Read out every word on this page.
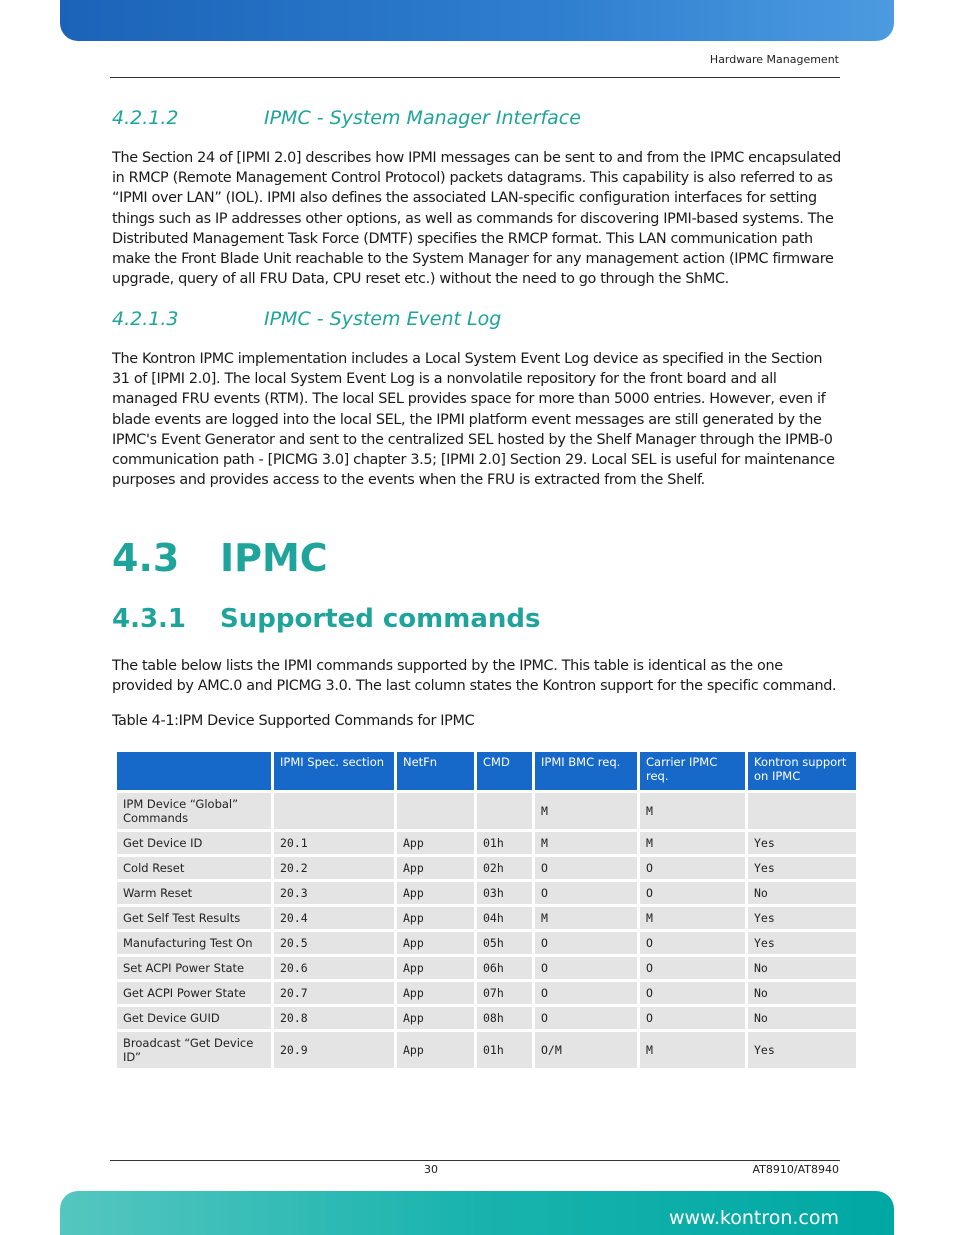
Hardware Management
4.2.1.2	IPMC - System Manager Interface
The Section 24 of [IPMI 2.0] describes how IPMI messages can be sent to and from the IPMC encapsulated in RMCP (Remote Management Control Protocol) packets datagrams. This capability is also referred to as “IPMI over LAN” (IOL). IPMI also defines the associated LAN-specific configuration interfaces for setting things such as IP addresses other options, as well as commands for discovering IPMI-based systems. The Distributed Management Task Force (DMTF) specifies the RMCP format. This LAN communication path make the Front Blade Unit reachable to the System Manager for any management action (IPMC firmware upgrade, query of all FRU Data, CPU reset etc.) without the need to go through the ShMC.
4.2.1.3	IPMC - System Event Log
The Kontron IPMC implementation includes a Local System Event Log device as specified in the Section 31 of [IPMI 2.0]. The local System Event Log is a nonvolatile repository for the front board and all managed FRU events (RTM). The local SEL provides space for more than 5000 entries. However, even if blade events are logged into the local SEL, the IPMI platform event messages are still generated by the IPMC's Event Generator and sent to the centralized SEL hosted by the Shelf Manager through the IPMB-0 communication path - [PICMG 3.0] chapter 3.5; [IPMI 2.0] Section 29. Local SEL is useful for maintenance purposes and provides access to the events when the FRU is extracted from the Shelf.
4.3 IPMC
4.3.1 Supported commands
The table below lists the IPMI commands supported by the IPMC. This table is identical as the one provided by AMC.0 and PICMG 3.0. The last column states the Kontron support for the specific command.
Table 4-1:IPM Device Supported Commands for IPMC
	IPMI Spec. section	NetFn	CMD	IPMI BMC req.	Carrier IPMC req.	Kontron support on IPMC
IPM Device “Global” Commands				M	M	
Get Device ID	20.1	App	01h	M	M	Yes
Cold Reset	20.2	App	02h	O	O	Yes
Warm Reset	20.3	App	03h	O	O	No
Get Self Test Results	20.4	App	04h	M	M	Yes
Manufacturing Test On	20.5	App	05h	O	O	Yes
Set ACPI Power State	20.6	App	06h	O	O	No
Get ACPI Power State	20.7	App	07h	O	O	No
Get Device GUID	20.8	App	08h	O	O	No
Broadcast “Get Device ID”	20.9	App	01h	O/M	M	Yes
30	AT8910/AT8940
www.kontron.com
